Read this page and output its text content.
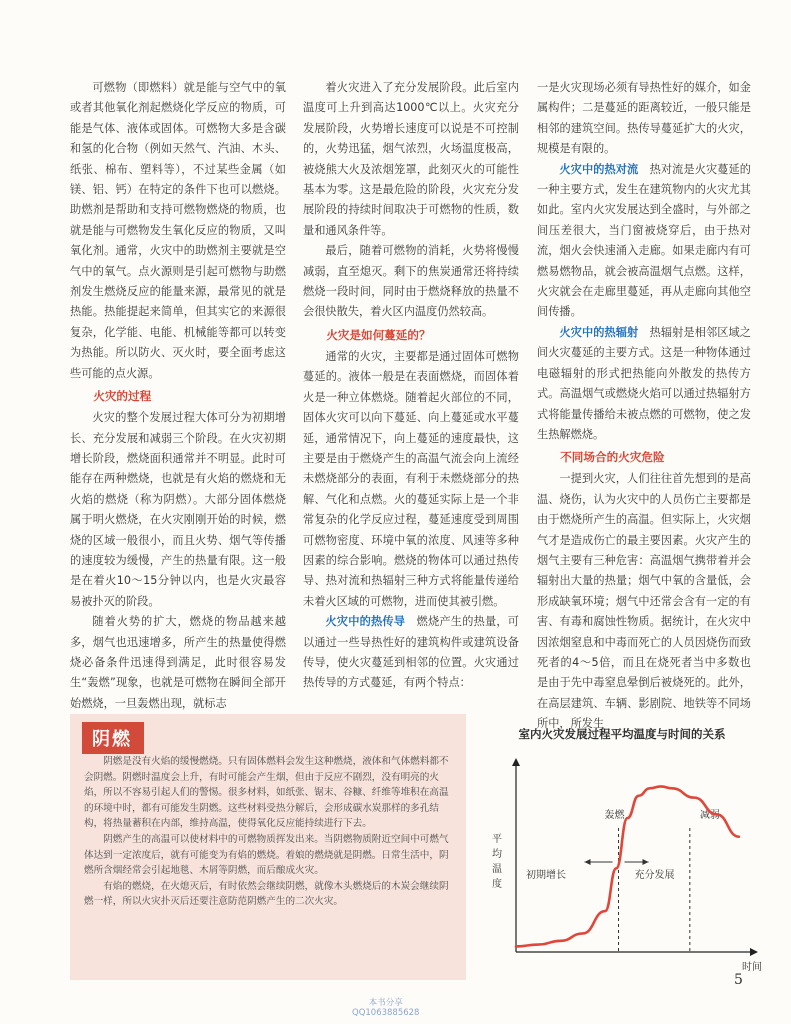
可燃物（即燃料）就是能与空气中的氧或者其他氧化剂起燃烧化学反应的物质，可能是气体、液体或固体。可燃物大多是含碳和氢的化合物（例如天然气、汽油、木头、纸张、棉布、塑料等），不过某些金属（如镁、铝、钙）在特定的条件下也可以燃烧。助燃剂是帮助和支持可燃物燃烧的物质，也就是能与可燃物发生氧化反应的物质，又叫氧化剂。通常，火灾中的助燃剂主要就是空气中的氧气。点火源则是引起可燃物与助燃剂发生燃烧反应的能量来源，最常见的就是热能。热能提起来简单，但其实它的来源很复杂，化学能、电能、机械能等都可以转变为热能。所以防火、灭火时，要全面考虑这些可能的点火源。

火灾的过程

火灾的整个发展过程大体可分为初期增长、充分发展和减弱三个阶段。在火灾初期增长阶段，燃烧面积通常并不明显。此时可能存在两种燃烧，也就是有火焰的燃烧和无火焰的燃烧（称为阴燃）。大部分固体燃烧属于明火燃烧，在火灾刚刚开始的时候，燃烧的区域一般很小，而且火势、烟气等传播的速度较为缓慢，产生的热量有限。这一般是在着火10～15分钟以内，也是火灾最容易被扑灭的阶段。

随着火势的扩大，燃烧的物品越来越多，烟气也迅速增多，所产生的热量使得燃烧必备条件迅速得到满足，此时很容易发生“轰燃”现象，也就是可燃物在瞬间全部开始燃烧，一旦轰燃出现，就标志

着火灾进入了充分发展阶段。此后室内温度可上升到高达1000℃以上。火灾充分发展阶段，火势增长速度可以说是不可控制的，火势迅猛，烟气浓烈，火场温度极高，被烧熊大火及浓烟笼罩，此刻灭火的可能性基本为零。这是最危险的阶段，火灾充分发展阶段的持续时间取决于可燃物的性质，数量和通风条件等。

最后，随着可燃物的消耗，火势将慢慢减弱，直至熄灭。剩下的焦炭通常还将持续燃烧一段时间，同时由于燃烧释放的热量不会很快散失，着火区内温度仍然较高。

火灾是如何蔓延的？

通常的火灾，主要都是通过固体可燃物蔓延的。液体一般是在表面燃烧，而固体着火是一种立体燃烧。随着起火部位的不同，固体火灾可以向下蔓延、向上蔓延或水平蔓延，通常情况下，向上蔓延的速度最快，这主要是由于燃烧产生的高温气流会向上流经未燃烧部分的表面，有利于未燃烧部分的热解、气化和点燃。火的蔓延实际上是一个非常复杂的化学反应过程，蔓延速度受到周围可燃物密度、环境中氧的浓度、风速等多种因素的综合影响。燃烧的物体可以通过热传导、热对流和热辐射三种方式将能量传递给未着火区域的可燃物，进而使其被引燃。

火灾中的热传导　 燃烧产生的热量，可以通过一些导热性好的建筑构件或建筑设备传导，使火灾蔓延到相邻的位置。火灾通过热传导的方式蔓延，有两个特点：

一是火灾现场必须有导热性好的媒介，如金属构件；二是蔓延的距离较近，一般只能是相邻的建筑空间。热传导蔓延扩大的火灾，规模是有限的。

火灾中的热对流　 热对流是火灾蔓延的一种主要方式，发生在建筑物内的火灾尤其如此。室内火灾发展达到全盛时，与外部之间压差很大，当门窗被烧穿后，由于热对流，烟火会快速涌入走廊。如果走廊内有可燃易燃物品，就会被高温烟气点燃。这样，火灾就会在走廊里蔓延，再从走廊向其他空间传播。

火灾中的热辐射　 热辐射是相邻区域之间火灾蔓延的主要方式。这是一种物体通过电磁辐射的形式把热能向外散发的热传方式。高温烟气或燃烧火焰可以通过热辐射方式将能量传播给未被点燃的可燃物，使之发生热解燃烧。

不同场合的火灾危险

一提到火灾，人们往往首先想到的是高温、烧伤，认为火灾中的人员伤亡主要都是由于燃烧所产生的高温。但实际上，火灾烟气才是造成伤亡的最主要因素。火灾产生的烟气主要有三种危害：高温烟气携带着并会辐射出大量的热量；烟气中氧的含量低，会形成缺氧环境；烟气中还常会含有一定的有害、有毒和腐蚀性物质。据统计，在火灾中因浓烟窒息和中毒而死亡的人员因烧伤而致死者的4～5倍，而且在烧死者当中多数也是由于先中毒窒息晕倒后被烧死的。此外，在高层建筑、车辆、影剧院、地铁等不同场所中，所发生

阴燃

阴燃是没有火焰的缓慢燃烧。只有固体燃料会发生这种燃烧，液体和气体燃料都不会阴燃。阴燃时温度会上升，有时可能会产生烟，但由于反应不剧烈，没有明亮的火焰，所以不容易引起人们的警惕。很多材料，如纸张、锯末、谷糠、纤维等堆积在高温的环境中时，都有可能发生阴燃。这些材料受热分解后，会形成碳水炭那样的多孔结构，将热量蓄积在内部，维持高温，使得氧化反应能持续进行下去。

阴燃产生的高温可以使材料中的可燃物质挥发出来。当阴燃物质附近空间中可燃气体达到一定浓度后，就有可能变为有焰的燃烧。着娘的燃烧就是阴燃。日常生活中，阴燃所含烟经常会引起地毯、木屑等阴燃，而后酿成火灾。

有焰的燃烧，在火熄灭后，有时依然会继续阴燃，就像木头燃烧后的木炭会继续阴燃一样，所以火灾扑灭后还要注意防范阴燃产生的二次火灾。

室内火灾发展过程平均温度与时间的关系
平
均
温
度
时间
轰燃	减弱
初期增长	充分发展
5
本书分享
QQ1063885628
